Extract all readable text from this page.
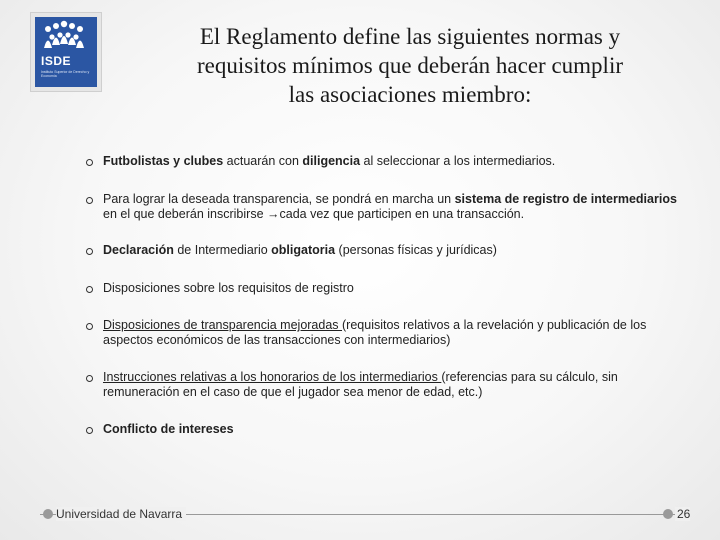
ISDE
Instituto Superior de Derecho y Economía
El Reglamento define las siguientes normas y
requisitos mínimos que deberán hacer cumplir
las asociaciones miembro:
Futbolistas y clubes actuarán con diligencia al seleccionar a los intermediarios.
Para lograr la deseada transparencia, se pondrá en marcha un sistema de registro de intermediarios en el que deberán inscribirse →cada vez que participen en una transacción.
Declaración de Intermediario obligatoria (personas físicas y jurídicas)
Disposiciones sobre los requisitos de registro
Disposiciones de transparencia mejoradas (requisitos relativos a la revelación y publicación de los aspectos económicos de las transacciones con intermediarios)
Instrucciones relativas a los honorarios de los intermediarios (referencias para su cálculo, sin remuneración en el caso de que el jugador sea menor de edad, etc.)
Conflicto de intereses
Universidad de Navarra	26
